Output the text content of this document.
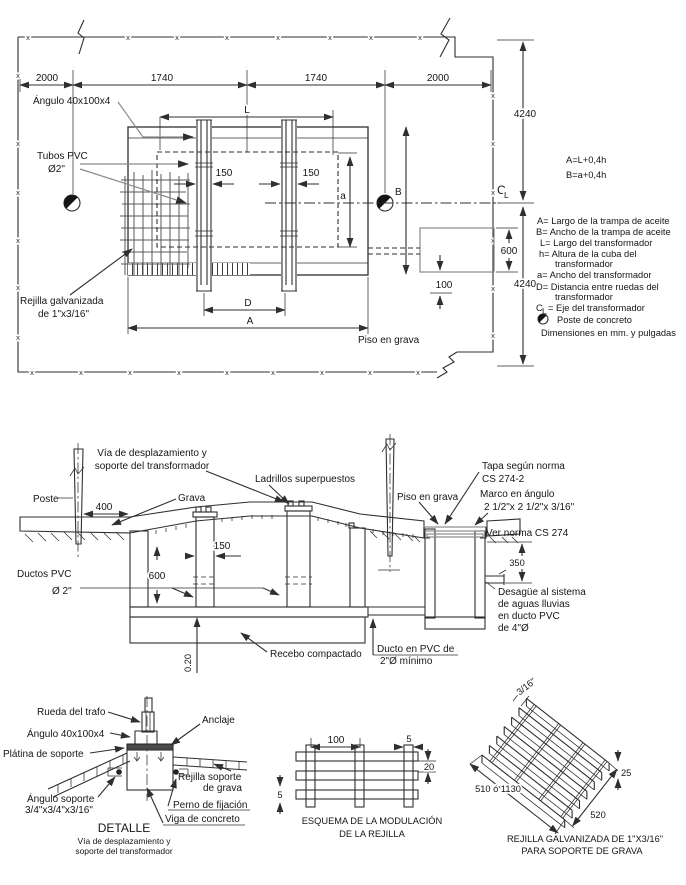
x	x	x	x	x	x	x	x
x
x
x
x
x
x
x
x
x
x
x
x
x	x	x	x	x	x	x	x	x
2000	1740	1740	2000
B
L
150	150
a
D
A
4240
4240
C
L
600
100
Ángulo 40x100x4
Tubos PVC
Ø2"
Rejilla galvanizada
de 1"x3/16"
Piso en grava
A=L+0,4h
B=a+0,4h
A= Largo de la trampa de aceite
B= Ancho de la trampa de aceite
L= Largo del transformador
h= Altura de la cuba del
transformador
a= Ancho del transformador
D= Distancia entre ruedas del
transformador
C L = Eje del transformador
Poste de concreto
Dimensiones en mm. y pulgadas
400
150
600
350
0.20
Vía de desplazamiento y
soporte del transformador
Ladrillos superpuestos
Poste	Grava	Piso en grava
Tapa según norma
CS 274-2
Marco en ángulo
2 1/2"x 2 1/2"x 3/16"
Ver norma CS 274
Desagüe al sistema
de aguas lluvias
en ducto PVC
de 4"Ø
Ductos PVC
Ø 2"
Recebo compactado Ducto en PVC de
2"Ø mínimo
Rueda del trafo
Anclaje
Ángulo 40x100x4
Plátina de soporte
Rejilla soporte
de grava
Ángulo soporte
3/4"x3/4"x3/16"	Perno de fijación
Viga de concreto
DETALLE
Vía de desplazamiento y
soporte del transformador
100	5
20
5
ESQUEMA DE LA MODULACIÓN
DE LA REJILLA
510 ó 1130
520
25
3/16"
REJILLA GALVANIZADA DE 1"X3/16"
PARA SOPORTE DE GRAVA
